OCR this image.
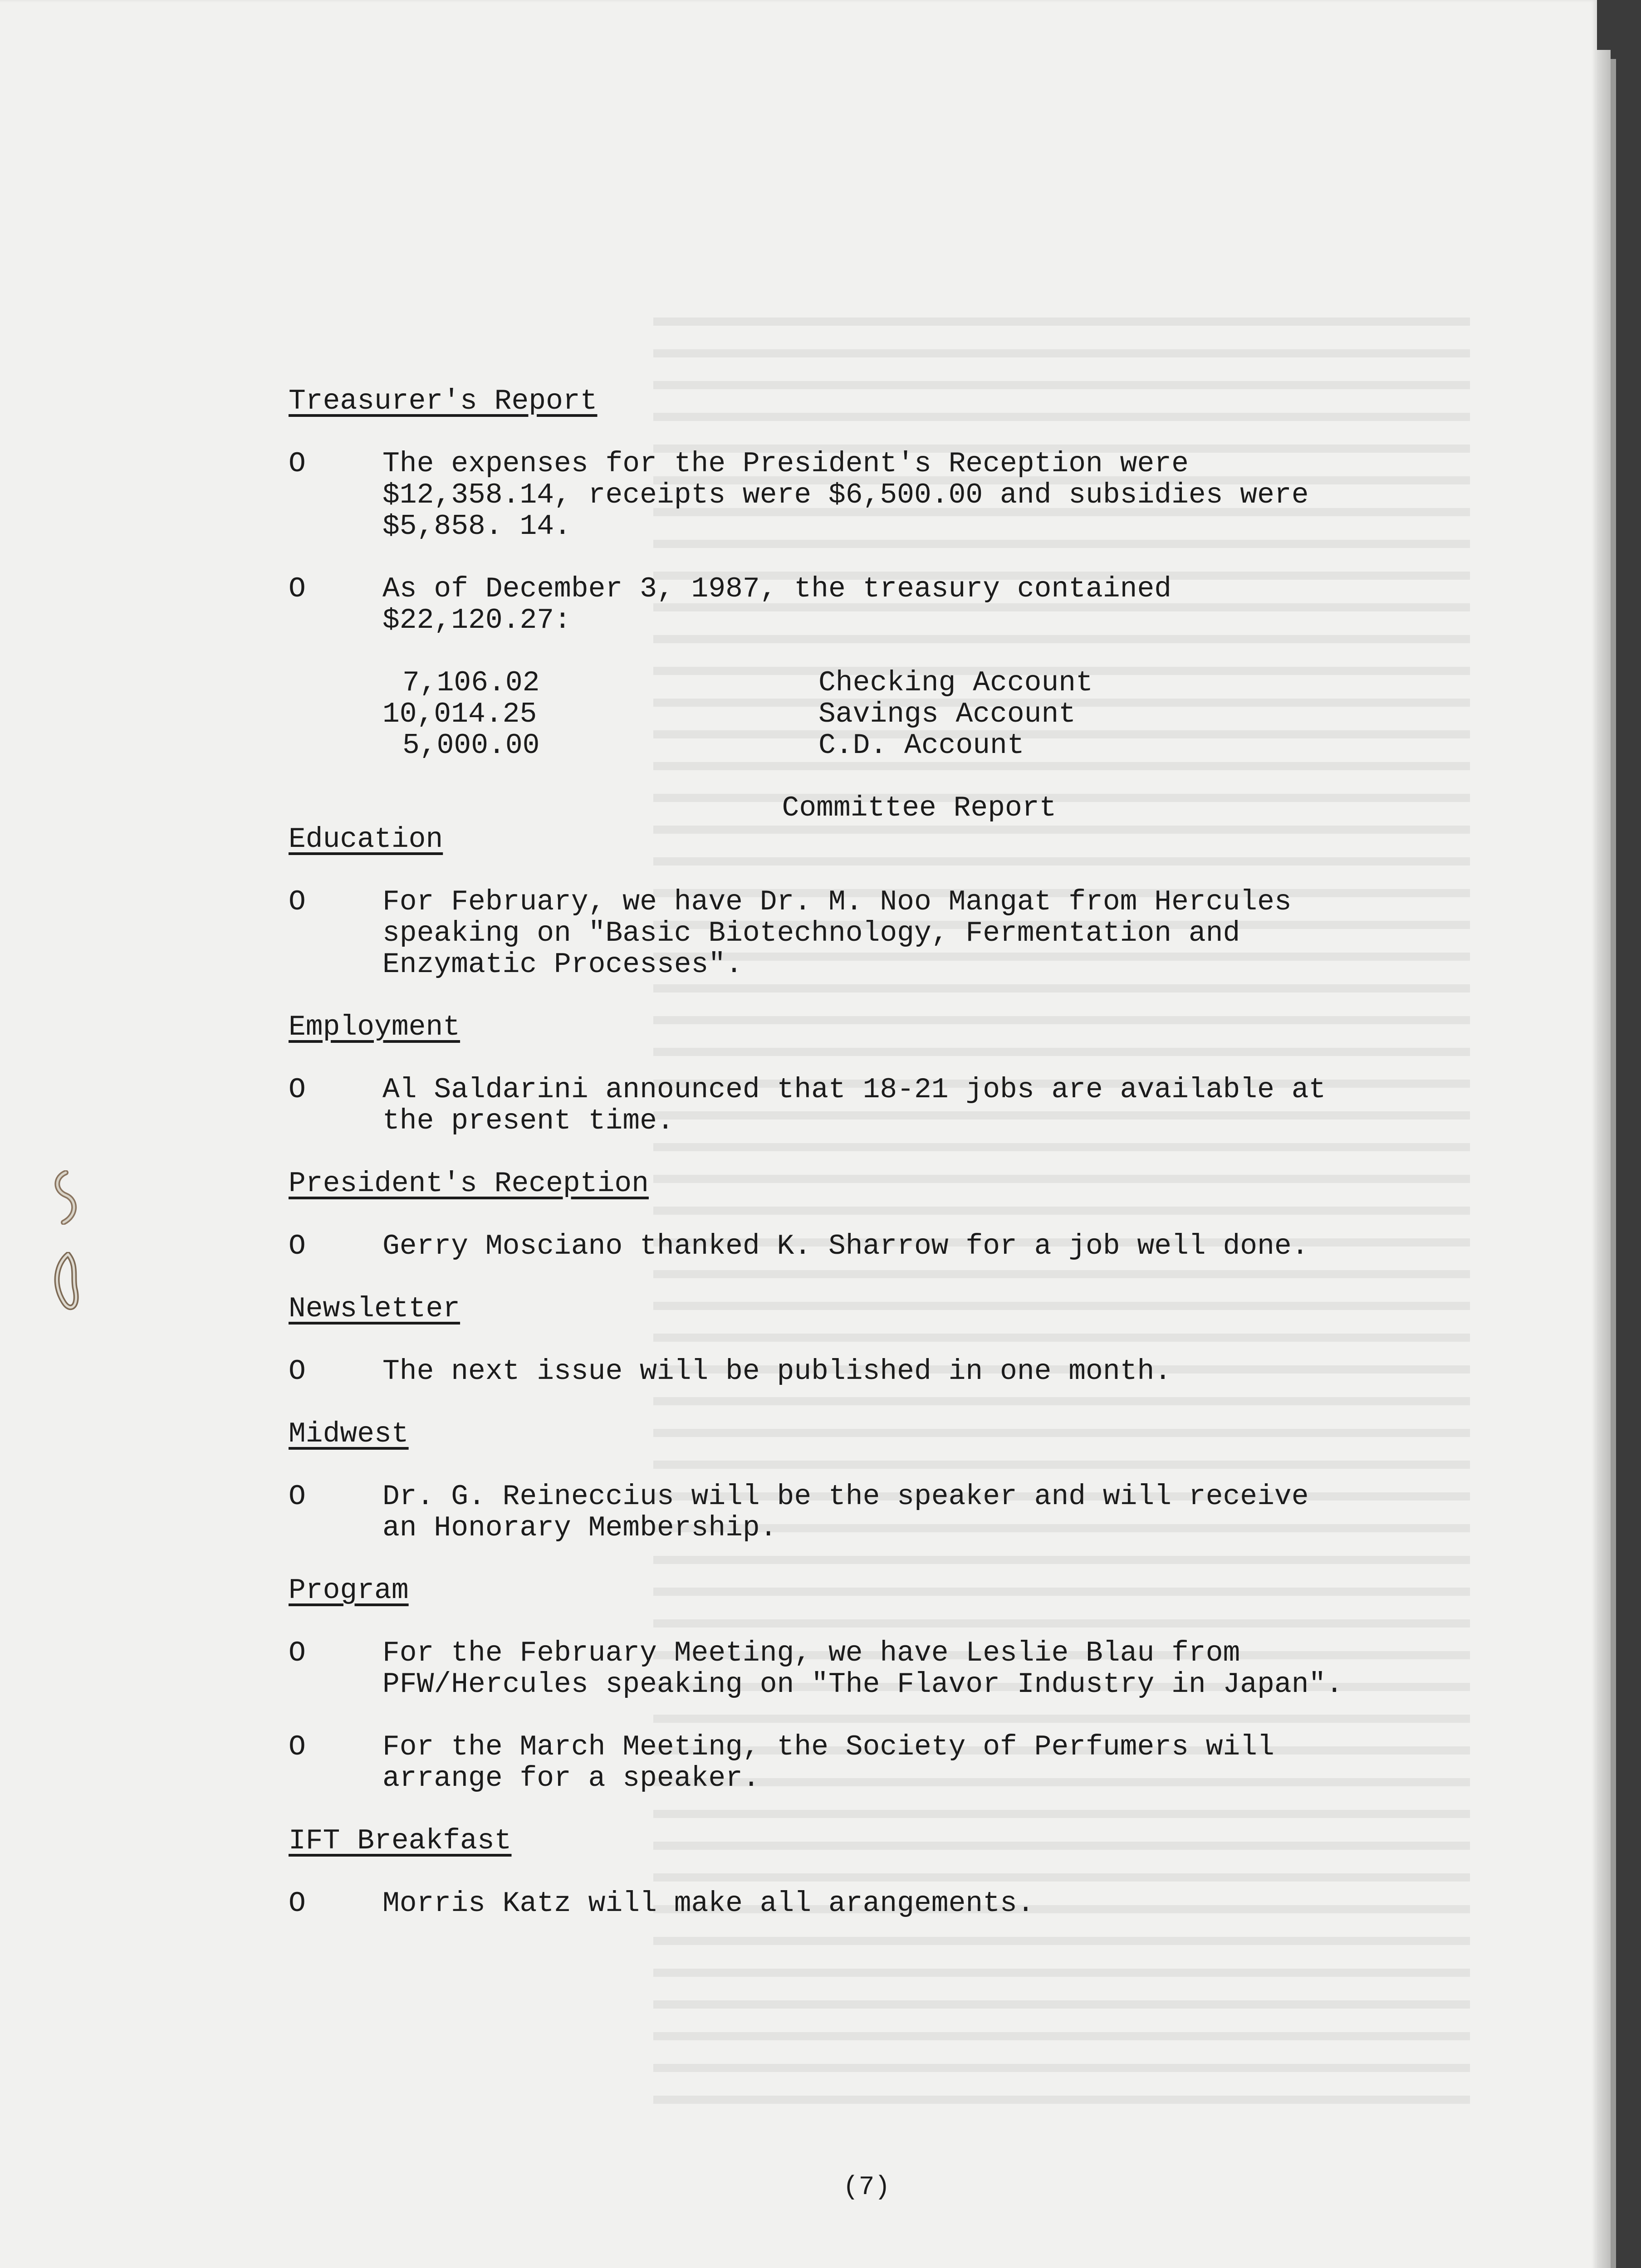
Treasurer's Report
O	The expenses for the President's Reception were
$12,358.14, receipts were $6,500.00 and subsidies were
$5,858. 14.
O	As of December 3, 1987, the treasury contained
$22,120.27:
7,106.02	Checking Account
10,014.25	Savings Account
5,000.00	C.D. Account
Committee Report
Education
O	For February, we have Dr. M. Noo Mangat from Hercules
speaking on "Basic Biotechnology, Fermentation and
Enzymatic Processes".
Employment
O	Al Saldarini announced that 18-21 jobs are available at
the present time.
President's Reception
O	Gerry Mosciano thanked K. Sharrow for a job well done.
Newsletter
O	The next issue will be published in one month.
Midwest
O	Dr. G. Reineccius will be the speaker and will receive
an Honorary Membership.
Program
O	For the February Meeting, we have Leslie Blau from
PFW/Hercules speaking on "The Flavor Industry in Japan".
O	For the March Meeting, the Society of Perfumers will
arrange for a speaker.
IFT Breakfast
O	Morris Katz will make all arangements.
(7)
